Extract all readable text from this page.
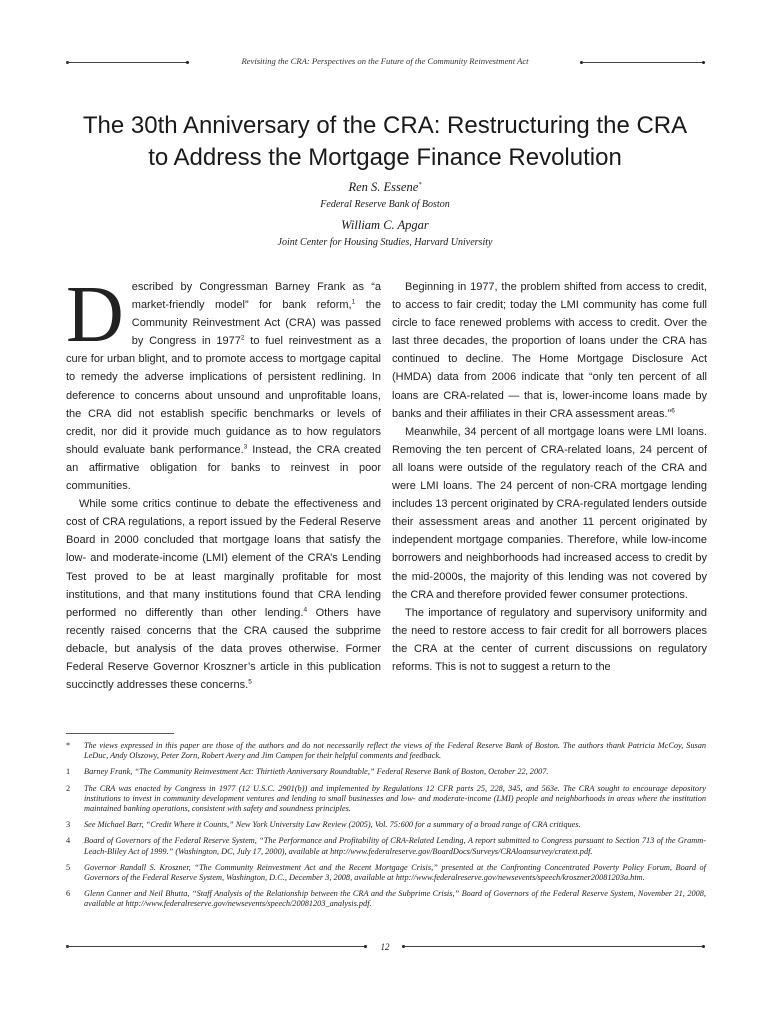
Revisiting the CRA: Perspectives on the Future of the Community Reinvestment Act
The 30th Anniversary of the CRA: Restructuring the CRA
to Address the Mortgage Finance Revolution
Ren S. Essene*
Federal Reserve Bank of Boston
William C. Apgar
Joint Center for Housing Studies, Harvard University

Described by Congressman Barney Frank as “a market-friendly model” for bank reform,$^1$ the Community Reinvestment Act (CRA) was passed by Congress in 1977$^2$ to fuel reinvestment as a cure for urban blight, and to promote access to mortgage capital to remedy the adverse implications of persistent redlining. In deference to concerns about unsound and unprofitable loans, the CRA did not establish specific benchmarks or levels of credit, nor did it provide much guidance as to how regulators should evaluate bank performance.$^3$ Instead, the CRA created an affirmative obligation for banks to reinvest in poor communities.

While some critics continue to debate the effectiveness and cost of CRA regulations, a report issued by the Federal Reserve Board in 2000 concluded that mortgage loans that satisfy the low- and moderate-income (LMI) element of the CRA’s Lending Test proved to be at least marginally profitable for most institutions, and that many institutions found that CRA lending performed no differently than other lending.$^4$ Others have recently raised concerns that the CRA caused the subprime debacle, but analysis of the data proves otherwise. Former Federal Reserve Governor Kroszner’s article in this publication succinctly addresses these concerns.$^5$

Beginning in 1977, the problem shifted from access to credit, to access to fair credit; today the LMI community has come full circle to face renewed problems with access to credit. Over the last three decades, the proportion of loans under the CRA has continued to decline. The Home Mortgage Disclosure Act (HMDA) data from 2006 indicate that “only ten percent of all loans are CRA-related — that is, lower-income loans made by banks and their affiliates in their CRA assessment areas.”$^6$

Meanwhile, 34 percent of all mortgage loans were LMI loans. Removing the ten percent of CRA-related loans, 24 percent of all loans were outside of the regulatory reach of the CRA and were LMI loans. The 24 percent of non-CRA mortgage lending includes 13 percent originated by CRA-regulated lenders outside their assessment areas and another 11 percent originated by independent mortgage companies. Therefore, while low-income borrowers and neighborhoods had increased access to credit by the mid-2000s, the majority of this lending was not covered by the CRA and therefore provided fewer consumer protections.

The importance of regulatory and supervisory uniformity and the need to restore access to fair credit for all borrowers places the CRA at the center of current discussions on regulatory reforms. This is not to suggest a return to the

*	The views expressed in this paper are those of the authors and do not necessarily reflect the views of the Federal Reserve Bank of Boston. The authors thank Patricia McCoy, Susan LeDuc, Andy Olszowy, Peter Zorn, Robert Avery and Jim Campen for their helpful comments and feedback.
1	Barney Frank, “The Community Reinvestment Act: Thirtieth Anniversary Roundtable,” Federal Reserve Bank of Boston, October 22, 2007.
2	The CRA was enacted by Congress in 1977 (12 U.S.C. 2901(b)) and implemented by Regulations 12 CFR parts 25, 228, 345, and 563e. The CRA sought to encourage depository institutions to invest in community development ventures and lending to small businesses and low- and moderate-income (LMI) people and neighborhoods in areas where the institution maintained banking operations, consistent with safety and soundness principles.
3	See Michael Barr, “Credit Where it Counts,” New York University Law Review (2005), Vol. 75:600 for a summary of a broad range of CRA critiques.
4	Board of Governors of the Federal Reserve System, “The Performance and Profitability of CRA-Related Lending, A report submitted to Congress pursuant to Section 713 of the Gramm-Leach-Bliley Act of 1999.” (Washington, DC, July 17, 2000), available at http://www.federalreserve.gov/BoardDocs/Surveys/CRAloansurvey/cratext.pdf.
5	Governor Randall S. Kroszner, “The Community Reinvestment Act and the Recent Mortgage Crisis,” presented at the Confronting Concentrated Poverty Policy Forum, Board of Governors of the Federal Reserve System, Washington, D.C., December 3, 2008, available at http://www.federalreserve.gov/newsevents/speech/kroszner20081203a.htm.
6	Glenn Canner and Neil Bhutta, “Staff Analysis of the Relationship between the CRA and the Subprime Crisis,” Board of Governors of the Federal Reserve System, November 21, 2008, available at http://www.federalreserve.gov/newsevents/speech/20081203_analysis.pdf.
12
